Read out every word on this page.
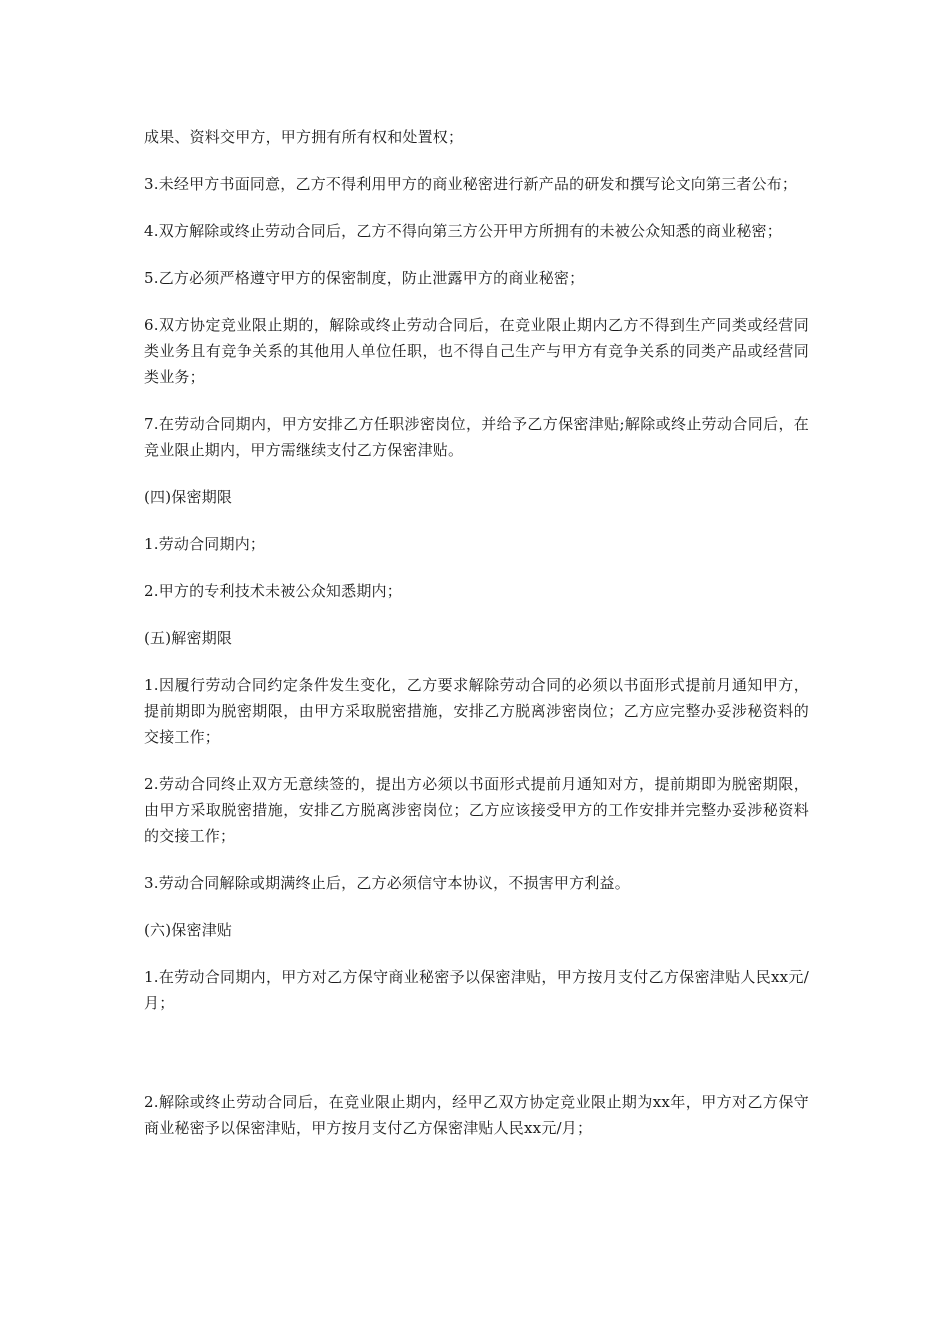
成果、资料交甲方，甲方拥有所有权和处置权；

3.未经甲方书面同意，乙方不得利用甲方的商业秘密进行新产品的研发和撰写论文向第三者公布；

4.双方解除或终止劳动合同后，乙方不得向第三方公开甲方所拥有的未被公众知悉的商业秘密；

5.乙方必须严格遵守甲方的保密制度，防止泄露甲方的商业秘密；

6.双方协定竞业限止期的，解除或终止劳动合同后，在竞业限止期内乙方不得到生产同类或经营同类业务且有竞争关系的其他用人单位任职，也不得自己生产与甲方有竞争关系的同类产品或经营同类业务；

7.在劳动合同期内，甲方安排乙方任职涉密岗位，并给予乙方保密津贴;解除或终止劳动合同后，在竞业限止期内，甲方需继续支付乙方保密津贴。

(四)保密期限

1.劳动合同期内；

2.甲方的专利技术未被公众知悉期内；

(五)解密期限

1.因履行劳动合同约定条件发生变化，乙方要求解除劳动合同的必须以书面形式提前月通知甲方，提前期即为脱密期限，由甲方采取脱密措施，安排乙方脱离涉密岗位；乙方应完整办妥涉秘资料的交接工作；

2.劳动合同终止双方无意续签的，提出方必须以书面形式提前月通知对方，提前期即为脱密期限，由甲方采取脱密措施，安排乙方脱离涉密岗位；乙方应该接受甲方的工作安排并完整办妥涉秘资料的交接工作；

3.劳动合同解除或期满终止后，乙方必须信守本协议，不损害甲方利益。

(六)保密津贴

1.在劳动合同期内，甲方对乙方保守商业秘密予以保密津贴，甲方按月支付乙方保密津贴人民xx元/月；

2.解除或终止劳动合同后，在竞业限止期内，经甲乙双方协定竞业限止期为xx年，甲方对乙方保守商业秘密予以保密津贴，甲方按月支付乙方保密津贴人民xx元/月；
